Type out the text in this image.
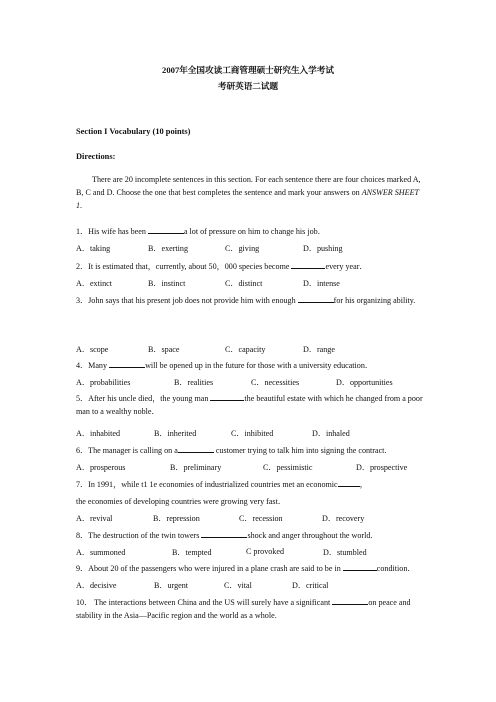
2007年全国攻读工商管理硕士研究生入学考试
考研英语二试题
Section I Vocabulary (10 points)
Directions:
There are 20 incomplete sentences in this section. For each sentence there are four choices marked A, B, C and D. Choose the one that best completes the sentence and mark your answers on ANSWER SHEET 1.
1．His wife has been	a lot of pressure on him to change his job．
A．taking	B．exerting	C．giving	D．pushing
2．It is estimated that，currently, about 50，000 species become	every year．
A．extinct	B．instinct	C．distinct	D．intense
3．John says that his present job does not provide him with enough	for his organizing ability.
A．scope	B．space	C．capacity	D．range
4．Many	will be opened up in the future for those with a university education．
A．probabilities	B．realities	C．necessities	D．opportunities
5．After his uncle died，the young man	the beautiful estate with which he changed from a poor man to a wealthy noble．
A．inhabited	B．inherited	C．inhibited	D．inhaled
6．The manager is calling on a	customer trying to talk him into signing the contract.
A．prosperous	B．preliminary	C．pessimistic	D．prospective
7．In 1991，while t1 1e economies of industrialized countries met an economic	，
the economies of developing countries were growing very fast．
A．revival	B．repression	C．recession	D．recovery
8．The destruction of the twin towers	shock and anger throughout the world.
A．summoned	B．tempted	C provoked	D．stumbled
9．About 20 of the passengers who were injured in a plane crash are said to be in	condition．
A．decisive	B．urgent	C．vital	D．critical
10． The interactions between China and the US will surely have a significant	on peace and stability in the Asia—Pacific region and the world as a whole.
